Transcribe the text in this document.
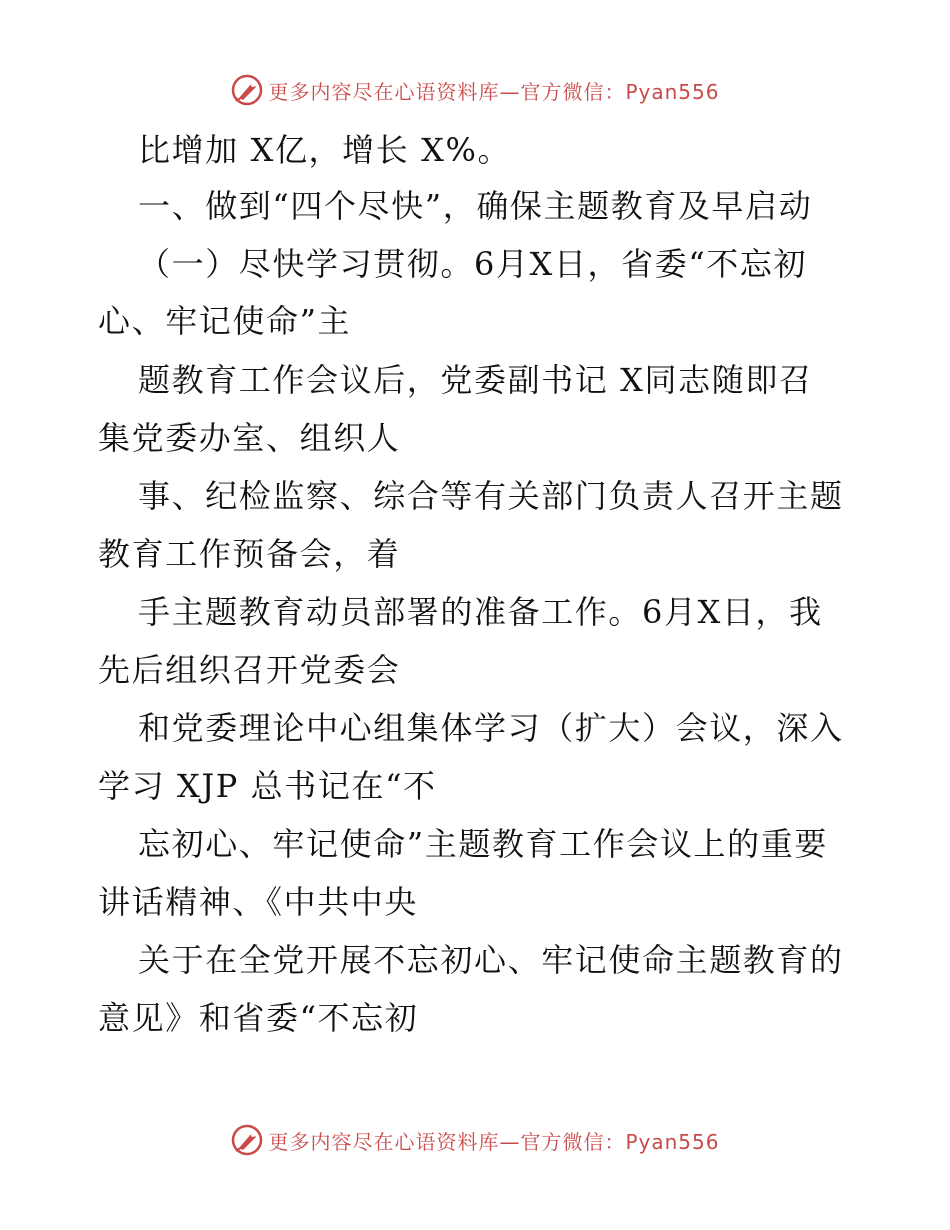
更多内容尽在心语资料库—官方微信：Pyan556
比增加 X亿，增长 X%。
一、做到“四个尽快”，确保主题教育及早启动
（一）尽快学习贯彻。6月X日，省委“不忘初
心、牢记使命”主
题教育工作会议后，党委副书记 X同志随即召
集党委办室、组织人
事、纪检监察、综合等有关部门负责人召开主题
教育工作预备会，着
手主题教育动员部署的准备工作。6月X日，我
先后组织召开党委会
和党委理论中心组集体学习（扩大）会议，深入
学习 XJP 总书记在“不
忘初心、牢记使命”主题教育工作会议上的重要
讲话精神、《中共中央
关于在全党开展不忘初心、牢记使命主题教育的
意见》和省委“不忘初
更多内容尽在心语资料库—官方微信：Pyan556
